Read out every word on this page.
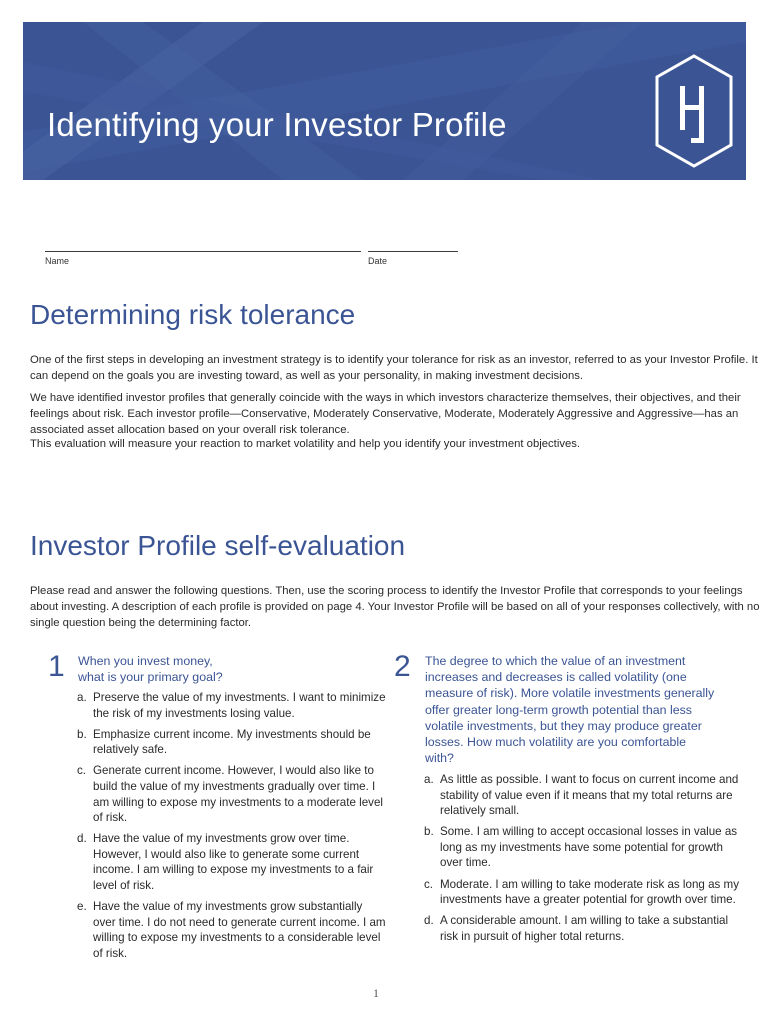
Identifying your Investor Profile
Name	Date
Determining risk tolerance

One of the first steps in developing an investment strategy is to identify your tolerance for risk as an investor, referred to as your Investor Profile. It can depend on the goals you are investing toward, as well as your personality, in making investment decisions.

We have identified investor profiles that generally coincide with the ways in which investors characterize themselves, their objectives, and their feelings about risk. Each investor profile—Conservative, Moderately Conservative, Moderate, Moderately Aggressive and Aggressive—has an associated asset allocation based on your overall risk tolerance.

This evaluation will measure your reaction to market volatility and help you identify your investment objectives.

Investor Profile self-evaluation

Please read and answer the following questions. Then, use the scoring process to identify the Investor Profile that corresponds to your feelings about investing. A description of each profile is provided on page 4. Your Investor Profile will be based on all of your responses collectively, with no single question being the determining factor.

1 When you invest money,
what is your primary goal?

a. Preserve the value of my investments. I want to minimize the risk of my investments losing value.
b. Emphasize current income. My investments should be relatively safe.
c. Generate current income. However, I would also like to build the value of my investments gradually over time. I am willing to expose my investments to a moderate level of risk.
d. Have the value of my investments grow over time. However, I would also like to generate some current income. I am willing to expose my investments to a fair level of risk.
e. Have the value of my investments grow substantially over time. I do not need to generate current income. I am willing to expose my investments to a considerable level of risk.
2 The degree to which the value of an investment increases and decreases is called volatility (one measure of risk). More volatile investments generally offer greater long-term growth potential than less volatile investments, but they may produce greater losses. How much volatility are you comfortable with?

a. As little as possible. I want to focus on current income and stability of value even if it means that my total returns are relatively small.
b. Some. I am willing to accept occasional losses in value as long as my investments have some potential for growth over time.
c. Moderate. I am willing to take moderate risk as long as my investments have a greater potential for growth over time.
d. A considerable amount. I am willing to take a substantial risk in pursuit of higher total returns.
1
